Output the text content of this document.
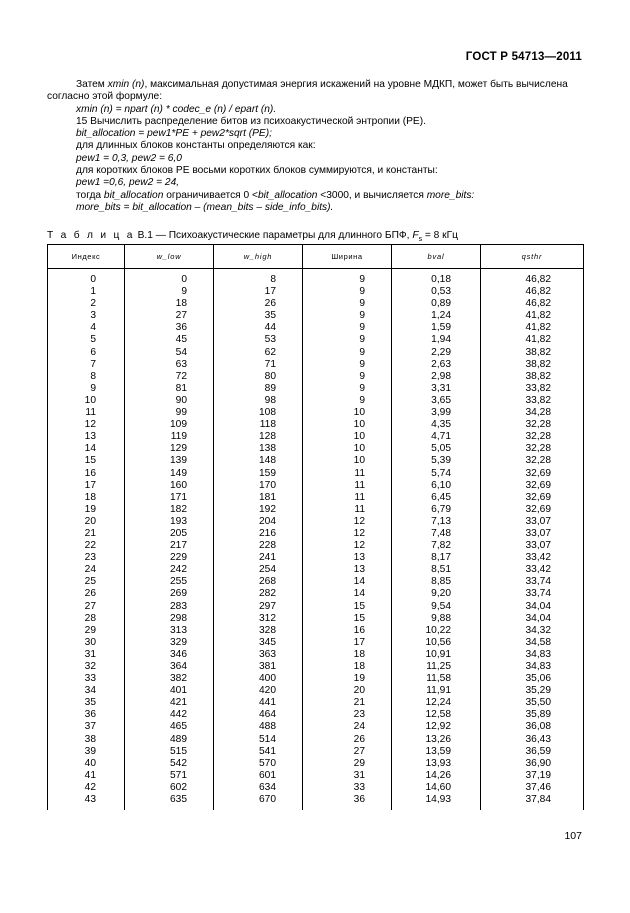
ГОСТ Р 54713—2011

Затем xmin (n), максимальная допустимая энергия искажений на уровне МДКП, может быть вычислена согласно этой формуле:

xmin (n) = npart (n) * codec_e (n) / epart (n).

15 Вычислить распределение битов из психоакустической энтропии (PE).

bit_allocation = pew1*PE + pew2*sqrt (PE);

для длинных блоков константы определяются как:

pew1 = 0,3, pew2 = 6,0

для коротких блоков PE восьми коротких блоков суммируются, и константы:

pew1 =0,6, pew2 = 24,

тогда bit_allocation ограничивается 0 <bit_allocation <3000, и вычисляется more_bits:

more_bits = bit_allocation – (mean_bits – side_info_bits).

Т а б л и ц а В.1 — Психоакустические параметры для длинного БПФ, $F_s = 8$ кГц
Индекс	w_low	w_high	Ширина	bval	qsthr
0	0	8	9	0,18	46,82
1	9	17	9	0,53	46,82
2	18	26	9	0,89	46,82
3	27	35	9	1,24	41,82
4	36	44	9	1,59	41,82
5	45	53	9	1,94	41,82
6	54	62	9	2,29	38,82
7	63	71	9	2,63	38,82
8	72	80	9	2,98	38,82
9	81	89	9	3,31	33,82
10	90	98	9	3,65	33,82
11	99	108	10	3,99	34,28
12	109	118	10	4,35	32,28
13	119	128	10	4,71	32,28
14	129	138	10	5,05	32,28
15	139	148	10	5,39	32,28
16	149	159	11	5,74	32,69
17	160	170	11	6,10	32,69
18	171	181	11	6,45	32,69
19	182	192	11	6,79	32,69
20	193	204	12	7,13	33,07
21	205	216	12	7,48	33,07
22	217	228	12	7,82	33,07
23	229	241	13	8,17	33,42
24	242	254	13	8,51	33,42
25	255	268	14	8,85	33,74
26	269	282	14	9,20	33,74
27	283	297	15	9,54	34,04
28	298	312	15	9,88	34,04
29	313	328	16	10,22	34,32
30	329	345	17	10,56	34,58
31	346	363	18	10,91	34,83
32	364	381	18	11,25	34,83
33	382	400	19	11,58	35,06
34	401	420	20	11,91	35,29
35	421	441	21	12,24	35,50
36	442	464	23	12,58	35,89
37	465	488	24	12,92	36,08
38	489	514	26	13,26	36,43
39	515	541	27	13,59	36,59
40	542	570	29	13,93	36,90
41	571	601	31	14,26	37,19
42	602	634	33	14,60	37,46
43	635	670	36	14,93	37,84
107
